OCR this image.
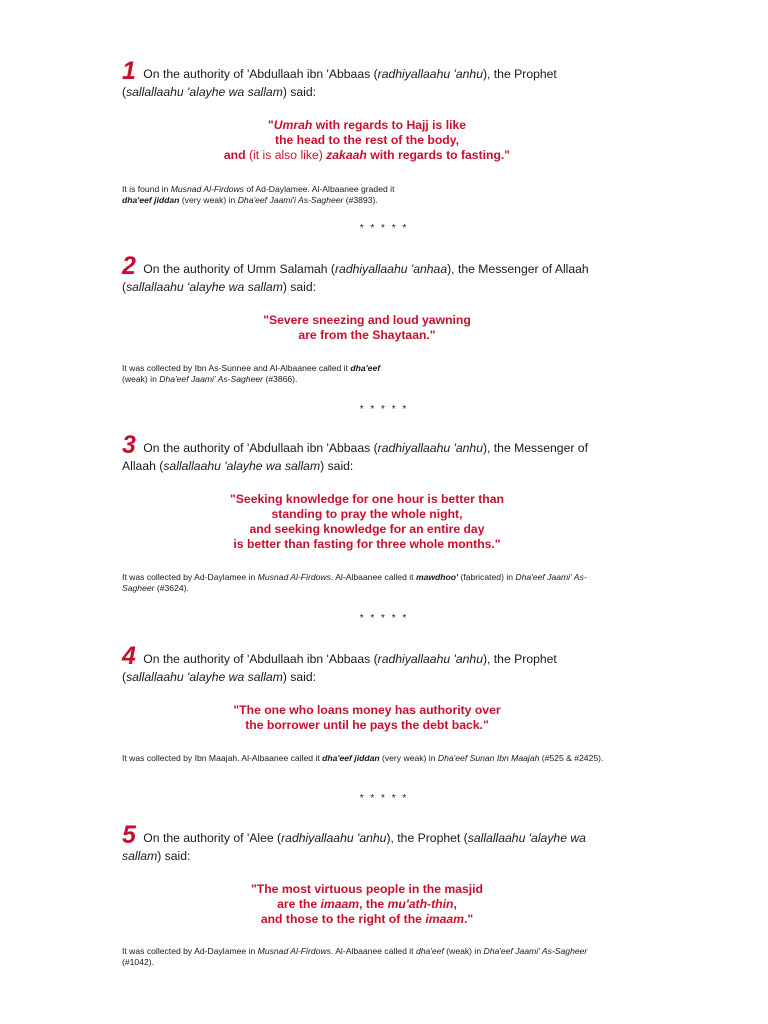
1 On the authority of 'Abdullaah ibn 'Abbaas (radhiyallaahu 'anhu), the Prophet (sallallaahu 'alayhe wa sallam) said:

"Umrah with regards to Hajj is like

the head to the rest of the body,

and (it is also like) zakaah with regards to fasting."

It is found in Musnad Al-Firdows of Ad-Daylamee. Al-Albaanee graded it
dha'eef jiddan (very weak) in Dha'eef Jaami'i As-Sagheer (#3893).

* * * * *

2 On the authority of Umm Salamah (radhiyallaahu 'anhaa), the Messenger of Allaah (sallallaahu 'alayhe wa sallam) said:

"Severe sneezing and loud yawning

are from the Shaytaan."

It was collected by Ibn As-Sunnee and Al-Albaanee called it dha'eef
(weak) in Dha'eef Jaami' As-Sagheer (#3866).

* * * * *

3 On the authority of 'Abdullaah ibn 'Abbaas (radhiyallaahu 'anhu), the Messenger of Allaah (sallallaahu 'alayhe wa sallam) said:

"Seeking knowledge for one hour is better than

standing to pray the whole night,

and seeking knowledge for an entire day

is better than fasting for three whole months."

It was collected by Ad-Daylamee in Musnad Al-Firdows. Al-Albaanee called it mawdhoo' (fabricated) in Dha'eef Jaami' As-Sagheer (#3624).

* * * * *

4 On the authority of 'Abdullaah ibn 'Abbaas (radhiyallaahu 'anhu), the Prophet (sallallaahu 'alayhe wa sallam) said:

"The one who loans money has authority over

the borrower until he pays the debt back."

It was collected by Ibn Maajah. Al-Albaanee called it dha'eef jiddan (very weak) in Dha'eef Sunan Ibn Maajah (#525 & #2425).

* * * * *

5 On the authority of 'Alee (radhiyallaahu 'anhu), the Prophet (sallallaahu 'alayhe wa sallam) said:

"The most virtuous people in the masjid

are the imaam, the mu'ath-thin,

and those to the right of the imaam."

It was collected by Ad-Daylamee in Musnad Al-Firdows. Al-Albaanee called it dha'eef (weak) in Dha'eef Jaami' As-Sagheer (#1042).
